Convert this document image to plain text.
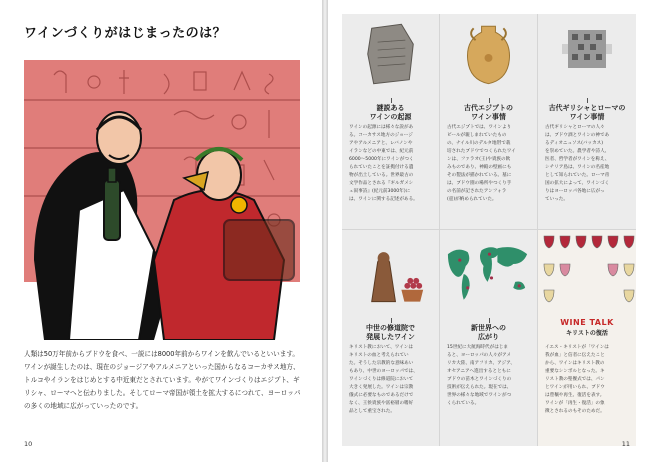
ワインづくりがはじまったのは？

人類は50万年前からブドウを食べ、一説には8000年前からワインを飲んでいるといいます。

ワインが誕生したのは、現在のジョージアやアルメニアといった国からなるコーカサス地方、

トルコやイランをはじめとする中近東だとされています。やがてワインづくりはエジプト、ギ

リシャ、ローマへと伝わりました。そしてローマ帝国が領土を拡大するにつれて、ヨーロッパ

の多くの地域に広がっていったのです。

10
謎説ある
ワインの起源

ワインの起源には様々な説があ

る。コーカサス地方のジョージ

アやアルメニアと、レバノンや

イランなどの中東では、紀元前

6000～5000年にワインがつく

られていたことを証拠付ける遺

物が出土している。世界最古の

文学作品とされる『ギルガメシ

ュ叙事詩』(紀元前3000年)に

は、ワインに関する記述がある。

古代エジプトの
ワイン事情

古代エジプトでは、ワインより

ビールが親しまれていたもの

の、ナイル川のデルタ地帯で栽

培されたブドウでつくられたワイ

ンは、ファラオ(王)や貴族の飲

みものであり、神殿の壁画にも

その製法が描かれている。墓に

は、ブドウ園の場所やつくり手

の名前が記されたアンフォラ

(壺)が納められていた。

古代ギリシャとローマの
ワイン事情

古代ギリシャとローマの人々

は、ブドウ酒とワインの神であ

るディオニュソス(バッカス)

を崇めていた。農学者や詩人、

医者、哲学者がワインを称え、

シチリア島は、ワインの名産地

として知られていた。ローマ帝

国の拡大によって、ワインづく

りはヨーロッパ各地に広がっ

ていった。

中世の修道院で
発展したワイン

キリスト教において、ワインは

キリストの血と考えられてい

た。そうした宗教的な意味あい

もあり、中世のヨーロッパでは、

ワインづくりは修道院において

大きく発展した。ワインは宗教

儀式に必要なものであるだけで

なく、王侯貴族や富裕層の嗜好

品として重宝された。

新世界への
広がり

15世紀に大航海時代がはじま

ると、ヨーロッパの人々がアメ

リカ大陸、南アフリカ、アジア、

オセアニアへ進出するとともに

ブドウの苗木とワインづくりの

技術が伝えられた。現在では、

世界の様々な地域でワインがつ

くられている。

WINE TALK
キリストの復活

イエス・キリストが「ワインは

我が血」と信者に伝えたこと

から、ワインはキリスト教の

重要なシンボルとなった。キ

リスト教の聖餐式では、パン

とワインが用いられ、ブドウ

は豊穣や再生、復活を表す。

ワインが「再生・復活」の象

徴とされるのもそのためだ。

11
